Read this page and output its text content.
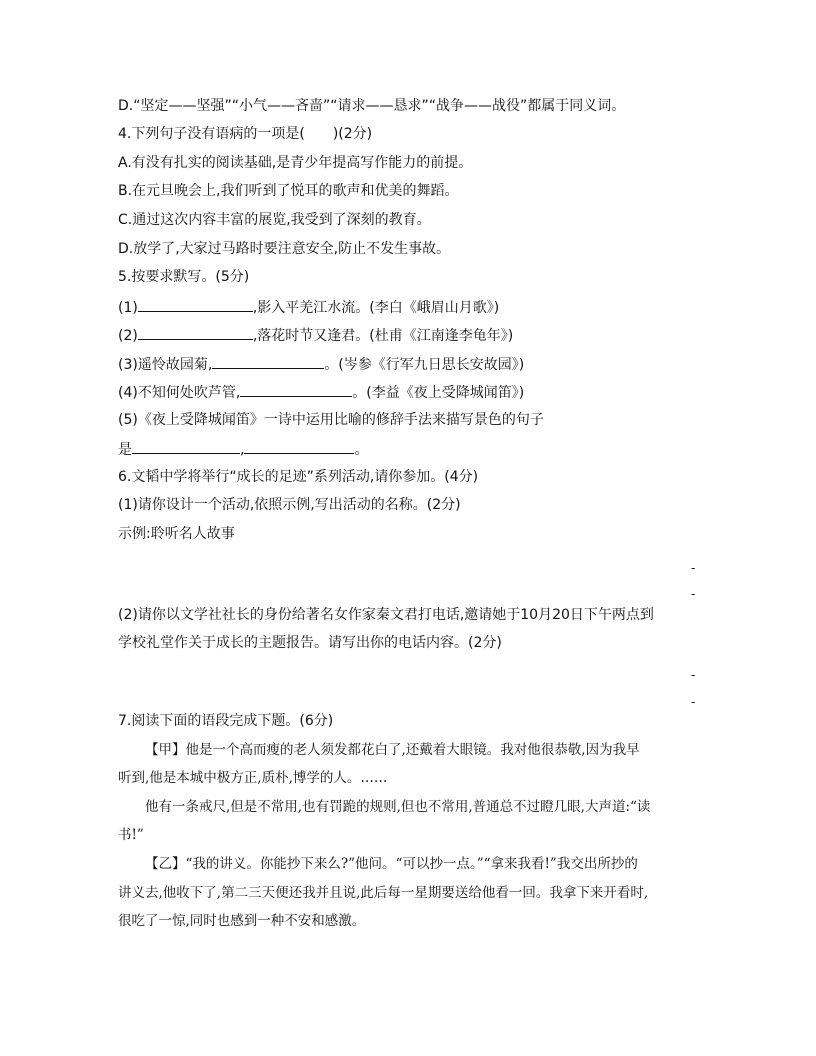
D.“坚定——坚强”“小气——吝啬”“请求——恳求”“战争——战役”都属于同义词。
4.下列句子没有语病的一项是(　　)(2分)
A.有没有扎实的阅读基础,是青少年提高写作能力的前提。
B.在元旦晚会上,我们听到了悦耳的歌声和优美的舞蹈。
C.通过这次内容丰富的展览,我受到了深刻的教育。
D.放学了,大家过马路时要注意安全,防止不发生事故。
5.按要求默写。(5分)
(1)	,影入平羌江水流。(李白《峨眉山月歌》)
(2)	,落花时节又逢君。(杜甫《江南逢李龟年》)
(3)遥怜故园菊,	。(岑参《行军九日思长安故园》)
(4)不知何处吹芦管,	。(李益《夜上受降城闻笛》)
(5)《夜上受降城闻笛》一诗中运用比喻的修辞手法来描写景色的句子
是	,	。
6.文韬中学将举行“成长的足迹”系列活动,请你参加。(4分)
(1)请你设计一个活动,依照示例,写出活动的名称。(2分)
示例:聆听名人故事
-
-
(2)请你以文学社社长的身份给著名女作家秦文君打电话,邀请她于10月20日下午两点到
学校礼堂作关于成长的主题报告。请写出你的电话内容。(2分)
-
-
7.阅读下面的语段完成下题。(6分)
【甲】他是一个高而瘦的老人须发都花白了,还戴着大眼镜。我对他很恭敬,因为我早
听到,他是本城中极方正,质朴,博学的人。……
他有一条戒尺,但是不常用,也有罚跪的规则,但也不常用,普通总不过瞪几眼,大声道:“读
书!”
【乙】“我的讲义。你能抄下来么?”他问。“可以抄一点。”“拿来我看!”我交出所抄的
讲义去,他收下了,第二三天便还我并且说,此后每一星期要送给他看一回。我拿下来开看时,
很吃了一惊,同时也感到一种不安和感激。
